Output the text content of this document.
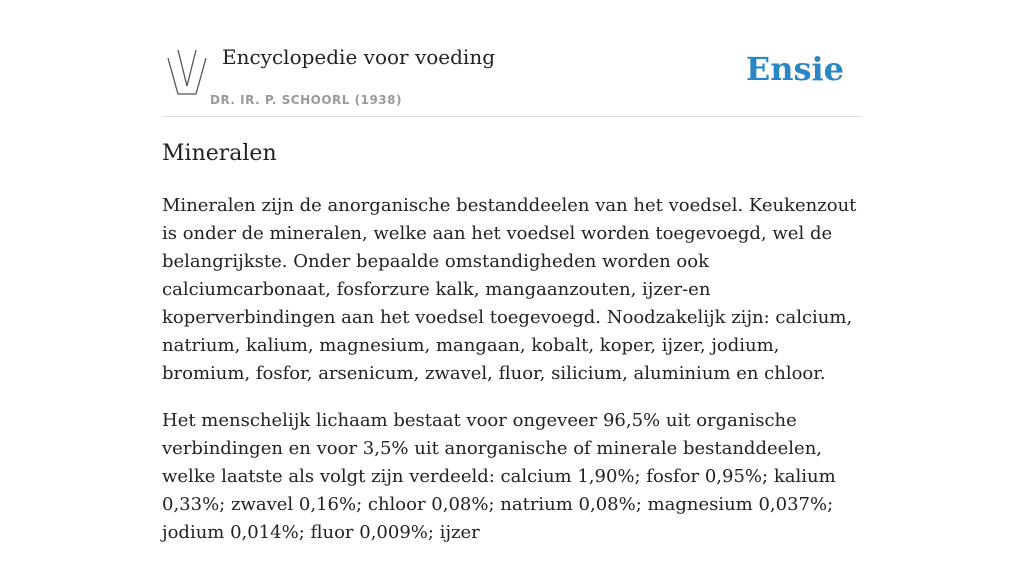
Encyclopedie voor voeding
DR. IR. P. SCHOORL (1938)
Ensie
Mineralen

Mineralen zijn de anorganische bestanddeelen van het voedsel. Keukenzout is onder de mineralen, welke aan het voedsel worden toegevoegd, wel de belangrijkste. Onder bepaalde omstandigheden worden ook calciumcarbonaat, fosforzure kalk, mangaanzouten, ijzer-en koperverbindingen aan het voedsel toegevoegd. Noodzakelijk zijn: calcium, natrium, kalium, magnesium, mangaan, kobalt, koper, ijzer, jodium, bromium, fosfor, arsenicum, zwavel, fluor, silicium, aluminium en chloor.

Het menschelijk lichaam bestaat voor ongeveer 96,5% uit organische verbindingen en voor 3,5% uit anorganische of minerale bestanddeelen, welke laatste als volgt zijn verdeeld: calcium 1,90%; fosfor 0,95%; kalium 0,33%; zwavel 0,16%; chloor 0,08%; natrium 0,08%; magnesium 0,037%; jodium 0,014%; fluor 0,009%; ijzer
